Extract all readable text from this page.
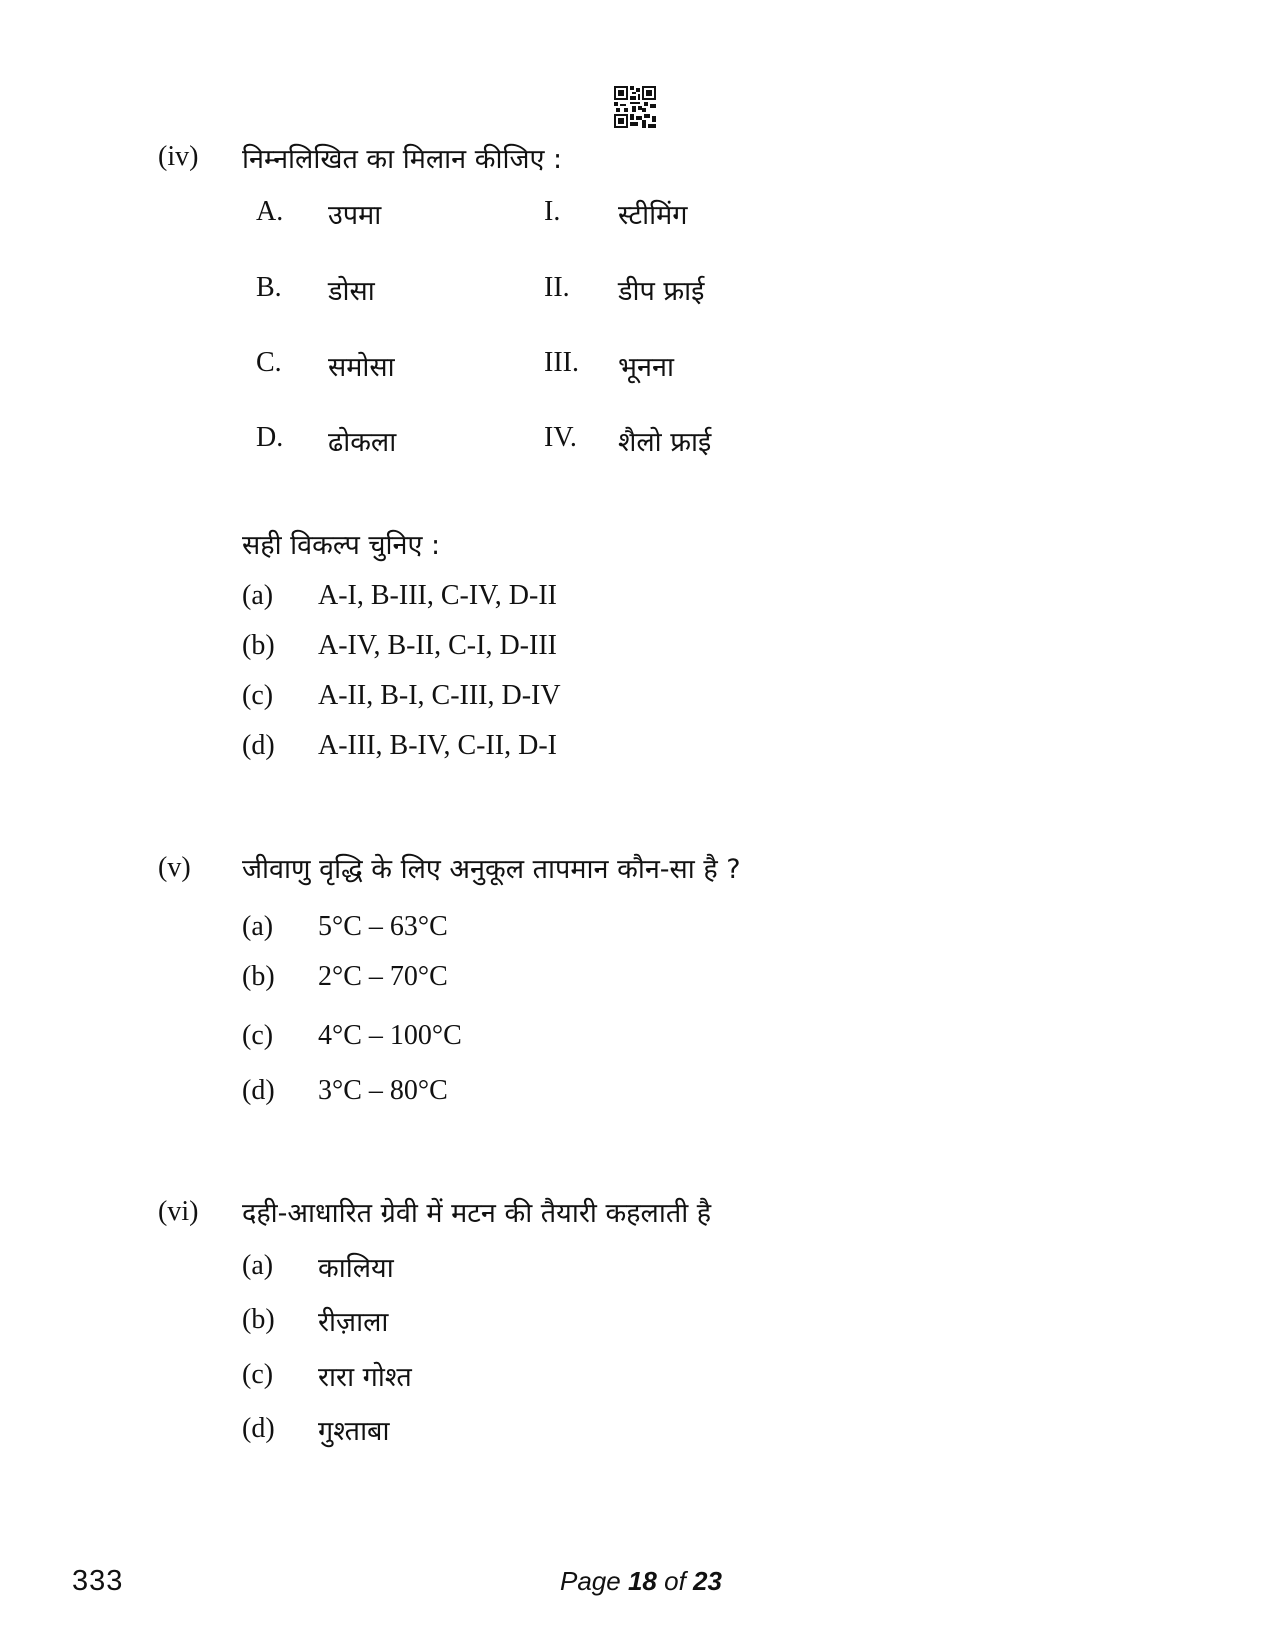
(iv) निम्नलिखित का मिलान कीजिए :
A. उपमा	I. स्टीमिंग
B. डोसा	II. डीप फ्राई
C. समोसा	III. भूनना
D. ढोकला	IV. शैलो फ्राई
सही विकल्प चुनिए :
(a) A-I, B-III, C-IV, D-II
(b) A-IV, B-II, C-I, D-III
(c) A-II, B-I, C-III, D-IV
(d) A-III, B-IV, C-II, D-I
(v) जीवाणु वृद्धि के लिए अनुकूल तापमान कौन-सा है ?
(a) 5°C – 63°C
(b) 2°C – 70°C
(c) 4°C – 100°C
(d) 3°C – 80°C
(vi) दही-आधारित ग्रेवी में मटन की तैयारी कहलाती है
(a) कालिया
(b) रीज़ाला
(c) रारा गोश्त
(d) गुश्ताबा
333	Page 18 of 23
